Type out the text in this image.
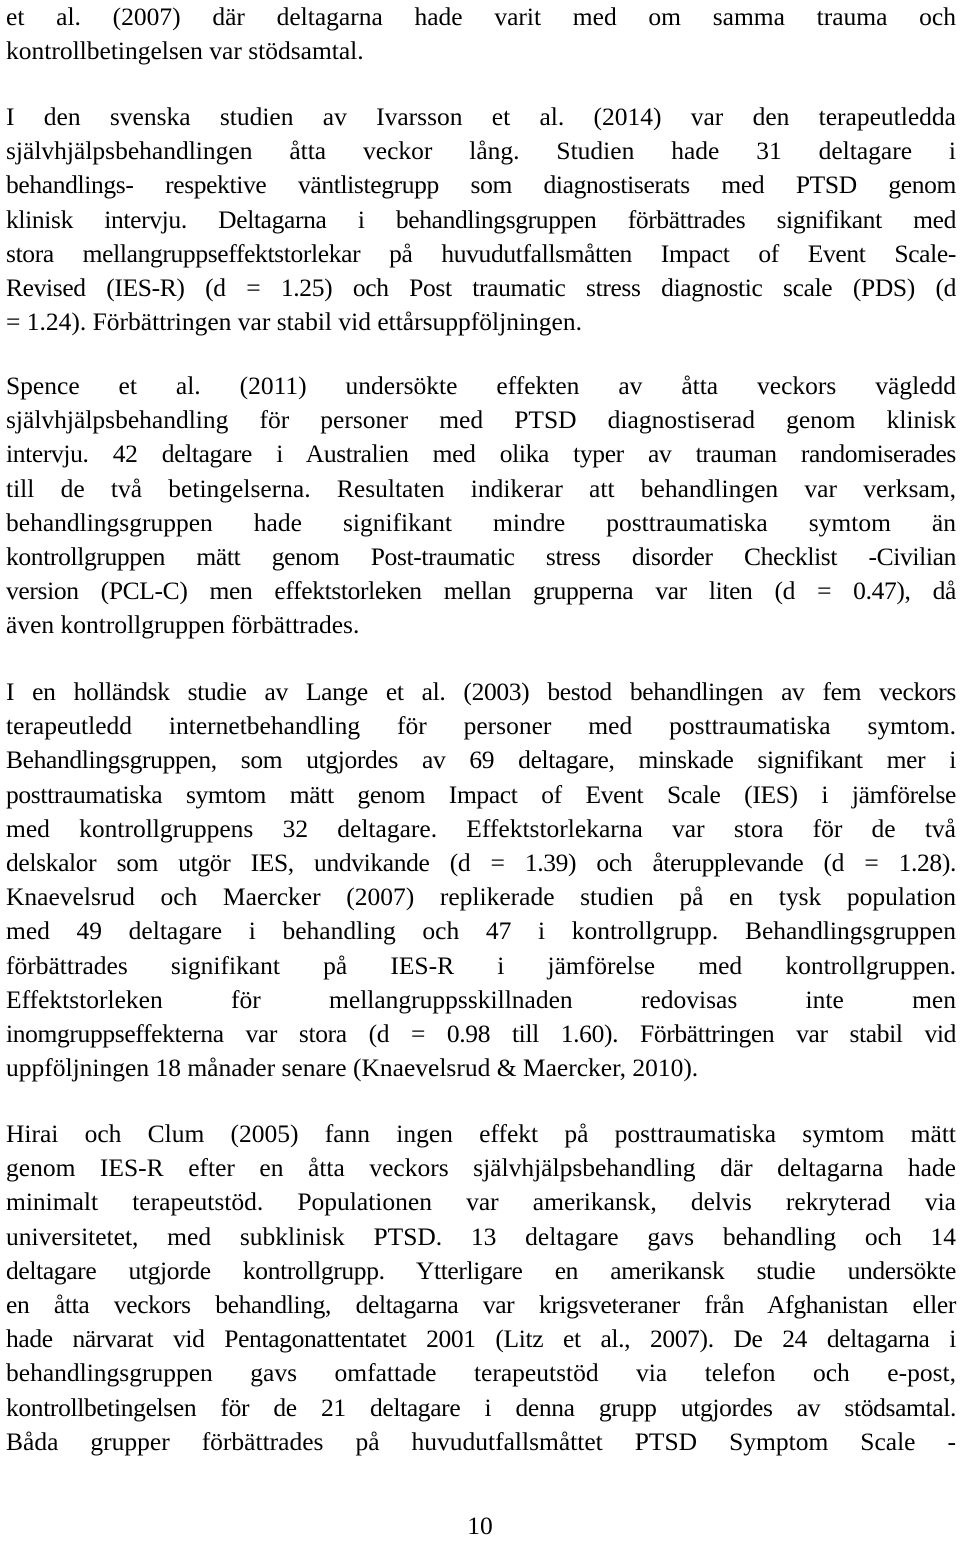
et al. (2007) där deltagarna hade varit med om samma trauma och
kontrollbetingelsen var stödsamtal.
I den svenska studien av Ivarsson et al. (2014) var den terapeutledda
självhjälpsbehandlingen åtta veckor lång. Studien hade 31 deltagare i
behandlings- respektive väntlistegrupp som diagnostiserats med PTSD genom
klinisk intervju. Deltagarna i behandlingsgruppen förbättrades signifikant med
stora mellangruppseffektstorlekar på huvudutfallsmåtten Impact of Event Scale-
Revised (IES-R) (d = 1.25) och Post traumatic stress diagnostic scale (PDS) (d
= 1.24). Förbättringen var stabil vid ettårsuppföljningen.
Spence et al. (2011) undersökte effekten av åtta veckors vägledd
självhjälpsbehandling för personer med PTSD diagnostiserad genom klinisk
intervju. 42 deltagare i Australien med olika typer av trauman randomiserades
till de två betingelserna. Resultaten indikerar att behandlingen var verksam,
behandlingsgruppen hade signifikant mindre posttraumatiska symtom än
kontrollgruppen mätt genom Post-traumatic stress disorder Checklist -Civilian
version (PCL-C) men effektstorleken mellan grupperna var liten (d = 0.47), då
även kontrollgruppen förbättrades.
I en holländsk studie av Lange et al. (2003) bestod behandlingen av fem veckors
terapeutledd internetbehandling för personer med posttraumatiska symtom.
Behandlingsgruppen, som utgjordes av 69 deltagare, minskade signifikant mer i
posttraumatiska symtom mätt genom Impact of Event Scale (IES) i jämförelse
med kontrollgruppens 32 deltagare. Effektstorlekarna var stora för de två
delskalor som utgör IES, undvikande (d = 1.39) och återupplevande (d = 1.28).
Knaevelsrud och Maercker (2007) replikerade studien på en tysk population
med 49 deltagare i behandling och 47 i kontrollgrupp. Behandlingsgruppen
förbättrades signifikant på IES-R i jämförelse med kontrollgruppen.
Effektstorleken för mellangruppsskillnaden redovisas inte men
inomgruppseffekterna var stora (d = 0.98 till 1.60). Förbättringen var stabil vid
uppföljningen 18 månader senare (Knaevelsrud & Maercker, 2010).
Hirai och Clum (2005) fann ingen effekt på posttraumatiska symtom mätt
genom IES-R efter en åtta veckors självhjälpsbehandling där deltagarna hade
minimalt terapeutstöd. Populationen var amerikansk, delvis rekryterad via
universitetet, med subklinisk PTSD. 13 deltagare gavs behandling och 14
deltagare utgjorde kontrollgrupp. Ytterligare en amerikansk studie undersökte
en åtta veckors behandling, deltagarna var krigsveteraner från Afghanistan eller
hade närvarat vid Pentagonattentatet 2001 (Litz et al., 2007). De 24 deltagarna i
behandlingsgruppen gavs omfattade terapeutstöd via telefon och e-post,
kontrollbetingelsen för de 21 deltagare i denna grupp utgjordes av stödsamtal.
Båda grupper förbättrades på huvudutfallsmåttet PTSD Symptom Scale -
10
